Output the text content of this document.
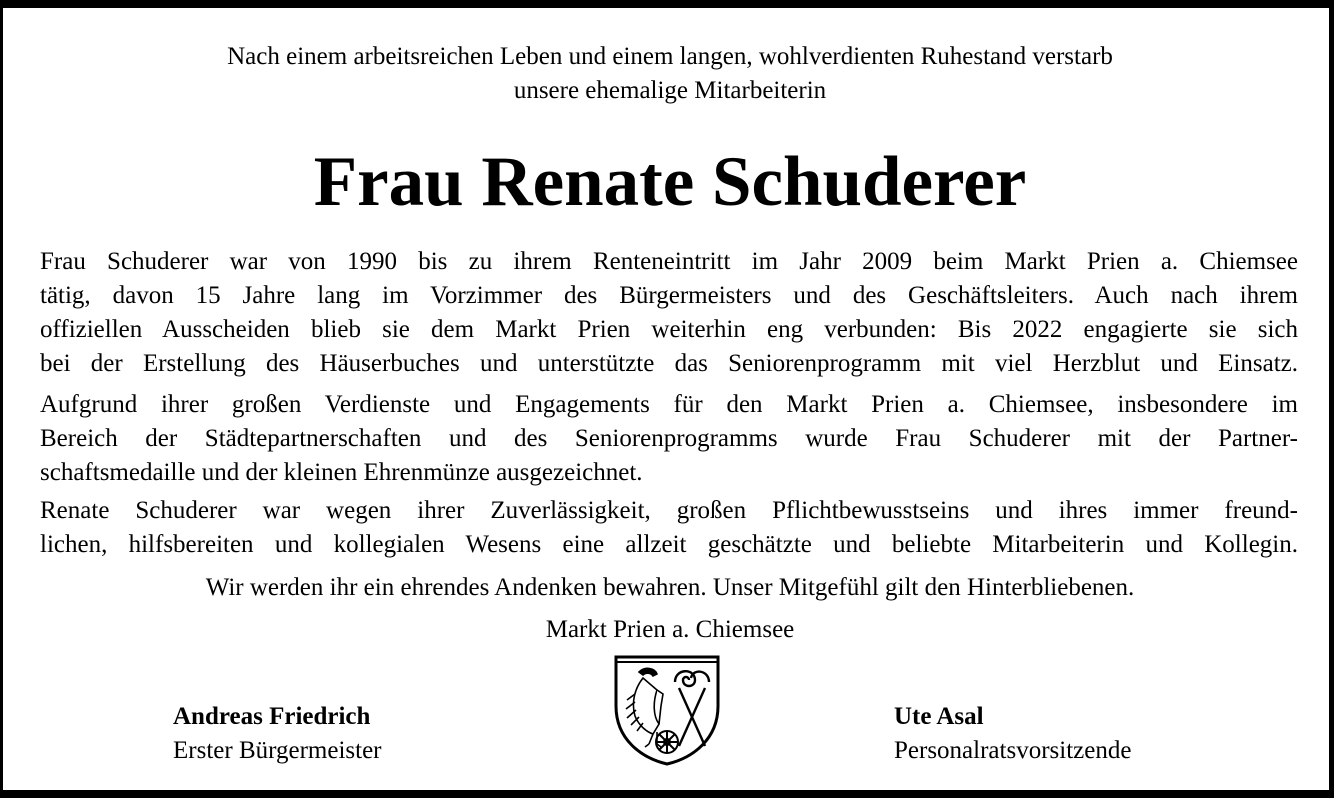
Nach einem arbeitsreichen Leben und einem langen, wohlverdienten Ruhestand verstarb
unsere ehemalige Mitarbeiterin
Frau Renate Schuderer
Frau Schuderer war von 1990 bis zu ihrem Renteneintritt im Jahr 2009 beim Markt Prien a. Chiemsee
tätig, davon 15 Jahre lang im Vorzimmer des Bürgermeisters und des Geschäftsleiters. Auch nach ihrem
offiziellen Ausscheiden blieb sie dem Markt Prien weiterhin eng verbunden: Bis 2022 engagierte sie sich
bei der Erstellung des Häuserbuches und unterstützte das Seniorenprogramm mit viel Herzblut und Einsatz.
Aufgrund ihrer großen Verdienste und Engagements für den Markt Prien a. Chiemsee, insbesondere im
Bereich der Städtepartnerschaften und des Seniorenprogramms wurde Frau Schuderer mit der Partner-
schaftsmedaille und der kleinen Ehrenmünze ausgezeichnet.
Renate Schuderer war wegen ihrer Zuverlässigkeit, großen Pflichtbewusstseins und ihres immer freund-
lichen, hilfsbereiten und kollegialen Wesens eine allzeit geschätzte und beliebte Mitarbeiterin und Kollegin.
Wir werden ihr ein ehrendes Andenken bewahren. Unser Mitgefühl gilt den Hinterbliebenen.
Markt Prien a. Chiemsee
Andreas Friedrich
Erster Bürgermeister
Ute Asal
Personalratsvorsitzende
